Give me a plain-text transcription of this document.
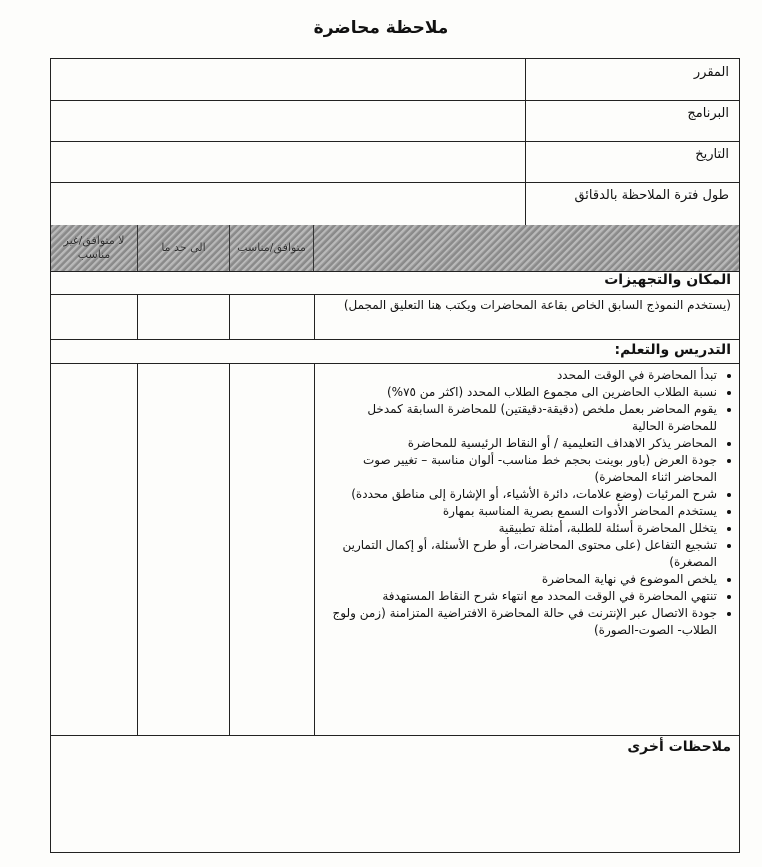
ملاحظة محاضرة
المقرر
البرنامج
التاريخ
طول فترة الملاحظة بالدقائق
متوافق/مناسب
الى حد ما
لا متوافق/غير مناسب
المكان والتجهيزات
(يستخدم النموذج السابق الخاص بقاعة المحاضرات ويكتب هنا التعليق المجمل)
التدريس والتعلم:
تبدأ المحاضرة في الوقت المحدد
نسبة الطلاب الحاضرين الى مجموع الطلاب المحدد (اكثر من ٧٥%)
يقوم المحاضر بعمل ملخص (دقيقة-دقيقتين) للمحاضرة السابقة كمدخل للمحاضرة الحالية
المحاضر يذكر الاهداف التعليمية / أو النقاط الرئيسية للمحاضرة
جودة العرض (باور بوينت بحجم خط مناسب- ألوان مناسبة – تغيير صوت المحاضر اثناء المحاضرة)
شرح المرئيات (وضع علامات، دائرة الأشياء، أو الإشارة إلى مناطق محددة)
يستخدم المحاضر الأدوات السمع بصرية المناسبة بمهارة
يتخلل المحاضرة أسئلة للطلبة، أمثلة تطبيقية
تشجيع التفاعل (على محتوى المحاضرات، أو طرح الأسئلة، أو إكمال التمارين المصغرة)
يلخص الموضوع في نهاية المحاضرة
تنتهي المحاضرة في الوقت المحدد مع انتهاء شرح النقاط المستهدفة
جودة الاتصال عبر الإنترنت في حالة المحاضرة الافتراضية المتزامنة (زمن ولوج الطلاب- الصوت-الصورة)
ملاحظات أخرى
